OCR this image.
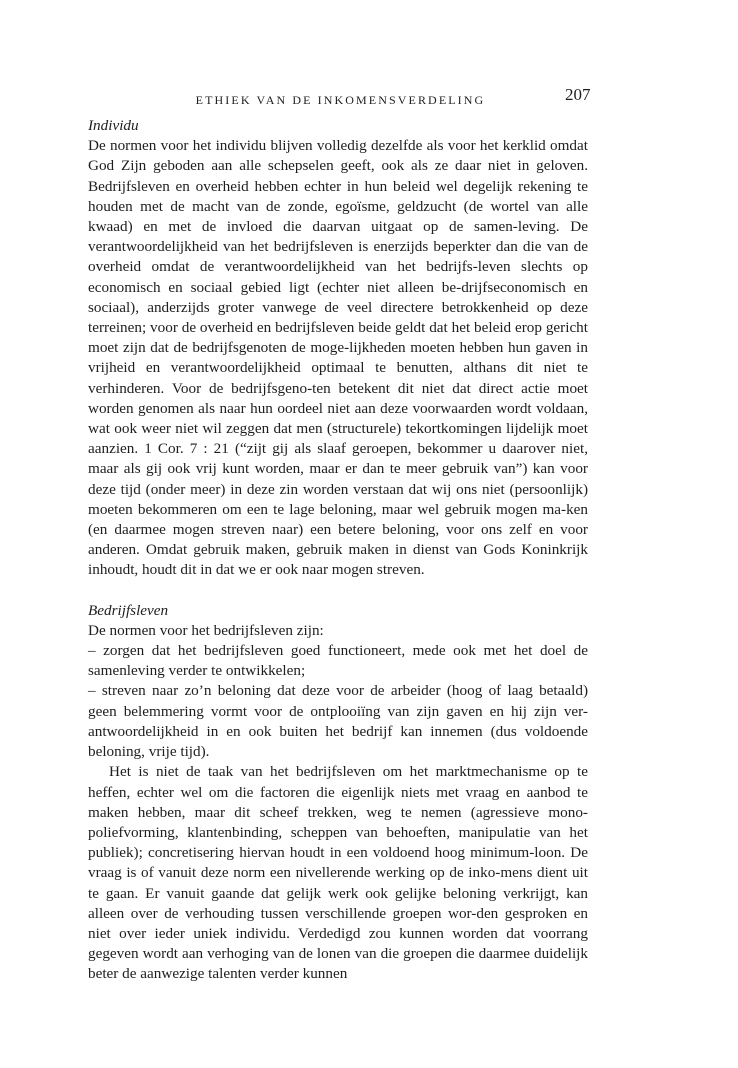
ETHIEK VAN DE INKOMENSVERDELING	207

Individu

De normen voor het individu blijven volledig dezelfde als voor het kerklid omdat God Zijn geboden aan alle schepselen geeft, ook als ze daar niet in geloven. Bedrijfsleven en overheid hebben echter in hun beleid wel degelijk rekening te houden met de macht van de zonde, egoïsme, geldzucht (de wortel van alle kwaad) en met de invloed die daarvan uitgaat op de samen-leving. De verantwoordelijkheid van het bedrijfsleven is enerzijds beperkter dan die van de overheid omdat de verantwoordelijkheid van het bedrijfs-leven slechts op economisch en sociaal gebied ligt (echter niet alleen be-drijfseconomisch en sociaal), anderzijds groter vanwege de veel directere betrokkenheid op deze terreinen; voor de overheid en bedrijfsleven beide geldt dat het beleid erop gericht moet zijn dat de bedrijfsgenoten de moge-lijkheden moeten hebben hun gaven in vrijheid en verantwoordelijkheid optimaal te benutten, althans dit niet te verhinderen. Voor de bedrijfsgeno-ten betekent dit niet dat direct actie moet worden genomen als naar hun oordeel niet aan deze voorwaarden wordt voldaan, wat ook weer niet wil zeggen dat men (structurele) tekortkomingen lijdelijk moet aanzien. 1 Cor. 7 : 21 (“zijt gij als slaaf geroepen, bekommer u daarover niet, maar als gij ook vrij kunt worden, maar er dan te meer gebruik van”) kan voor deze tijd (onder meer) in deze zin worden verstaan dat wij ons niet (persoonlijk) moeten bekommeren om een te lage beloning, maar wel gebruik mogen ma-ken (en daarmee mogen streven naar) een betere beloning, voor ons zelf en voor anderen. Omdat gebruik maken, gebruik maken in dienst van Gods Koninkrijk inhoudt, houdt dit in dat we er ook naar mogen streven.

Bedrijfsleven

De normen voor het bedrijfsleven zijn:

– zorgen dat het bedrijfsleven goed functioneert, mede ook met het doel de samenleving verder te ontwikkelen;

– streven naar zo’n beloning dat deze voor de arbeider (hoog of laag betaald) geen belemmering vormt voor de ontplooiïng van zijn gaven en hij zijn ver-antwoordelijkheid in en ook buiten het bedrijf kan innemen (dus voldoende beloning, vrije tijd).

Het is niet de taak van het bedrijfsleven om het marktmechanisme op te heffen, echter wel om die factoren die eigenlijk niets met vraag en aanbod te maken hebben, maar dit scheef trekken, weg te nemen (agressieve mono-poliefvorming, klantenbinding, scheppen van behoeften, manipulatie van het publiek); concretisering hiervan houdt in een voldoend hoog minimum-loon. De vraag is of vanuit deze norm een nivellerende werking op de inko-mens dient uit te gaan. Er vanuit gaande dat gelijk werk ook gelijke beloning verkrijgt, kan alleen over de verhouding tussen verschillende groepen wor-den gesproken en niet over ieder uniek individu. Verdedigd zou kunnen worden dat voorrang gegeven wordt aan verhoging van de lonen van die groepen die daarmee duidelijk beter de aanwezige talenten verder kunnen
